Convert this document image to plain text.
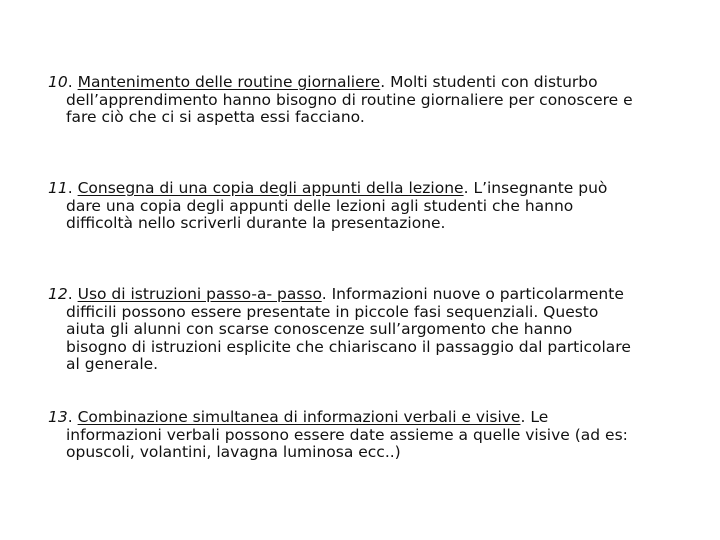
10. Mantenimento delle routine giornaliere. Molti studenti con disturbo dell’apprendimento hanno bisogno di routine giornaliere per conoscere e fare ciò che ci si aspetta essi facciano.

11. Consegna di una copia degli appunti della lezione. L’insegnante può dare una copia degli appunti delle lezioni agli studenti che hanno difficoltà nello scriverli durante la presentazione.

12. Uso di istruzioni passo-a- passo. Informazioni nuove o particolarmente difficili possono essere presentate in piccole fasi sequenziali. Questo aiuta gli alunni con scarse conoscenze sull’argomento che hanno bisogno di istruzioni esplicite che chiariscano il passaggio dal particolare al generale.

13. Combinazione simultanea di informazioni verbali e visive. Le informazioni verbali possono essere date assieme a quelle visive (ad es: opuscoli, volantini, lavagna luminosa ecc..)
